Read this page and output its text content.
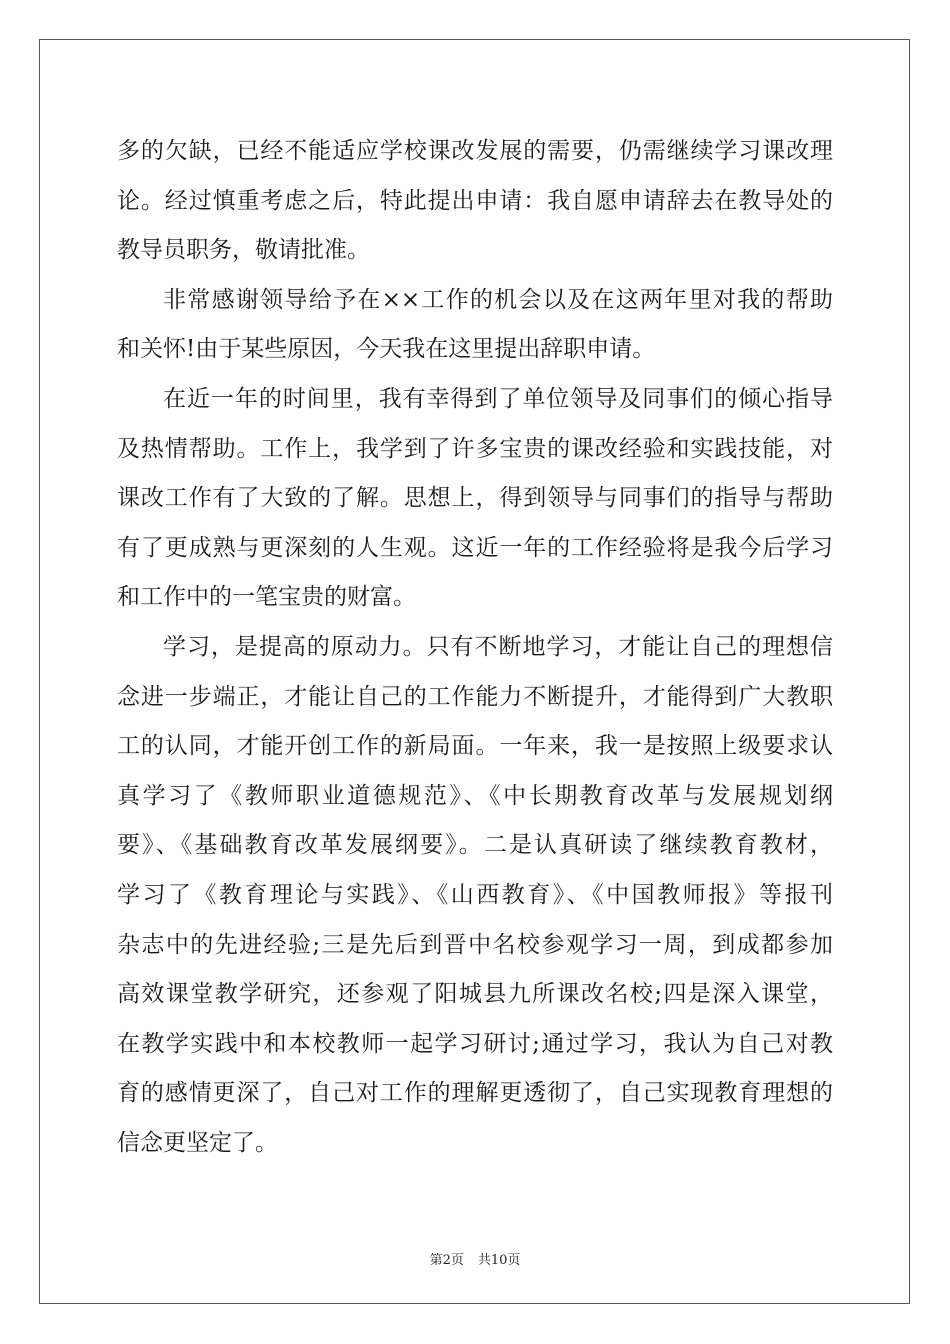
多的欠缺，已经不能适应学校课改发展的需要，仍需继续学习课改理
论。经过慎重考虑之后，特此提出申请：我自愿申请辞去在教导处的
教导员职务，敬请批准。
非常感谢领导给予在××工作的机会以及在这两年里对我的帮助
和关怀!由于某些原因，今天我在这里提出辞职申请。
在近一年的时间里，我有幸得到了单位领导及同事们的倾心指导
及热情帮助。工作上，我学到了许多宝贵的课改经验和实践技能，对
课改工作有了大致的了解。思想上，得到领导与同事们的指导与帮助
有了更成熟与更深刻的人生观。这近一年的工作经验将是我今后学习
和工作中的一笔宝贵的财富。
学习，是提高的原动力。只有不断地学习，才能让自己的理想信
念进一步端正，才能让自己的工作能力不断提升，才能得到广大教职
工的认同，才能开创工作的新局面。一年来，我一是按照上级要求认
真学习了《教师职业道德规范》、《中长期教育改革与发展规划纲
要》、《基础教育改革发展纲要》。二是认真研读了继续教育教材，
学习了《教育理论与实践》、《山西教育》、《中国教师报》等报刊
杂志中的先进经验;三是先后到晋中名校参观学习一周，到成都参加
高效课堂教学研究，还参观了阳城县九所课改名校;四是深入课堂，
在教学实践中和本校教师一起学习研讨;通过学习，我认为自己对教
育的感情更深了，自己对工作的理解更透彻了，自己实现教育理想的
信念更坚定了。
第2页 共10页
